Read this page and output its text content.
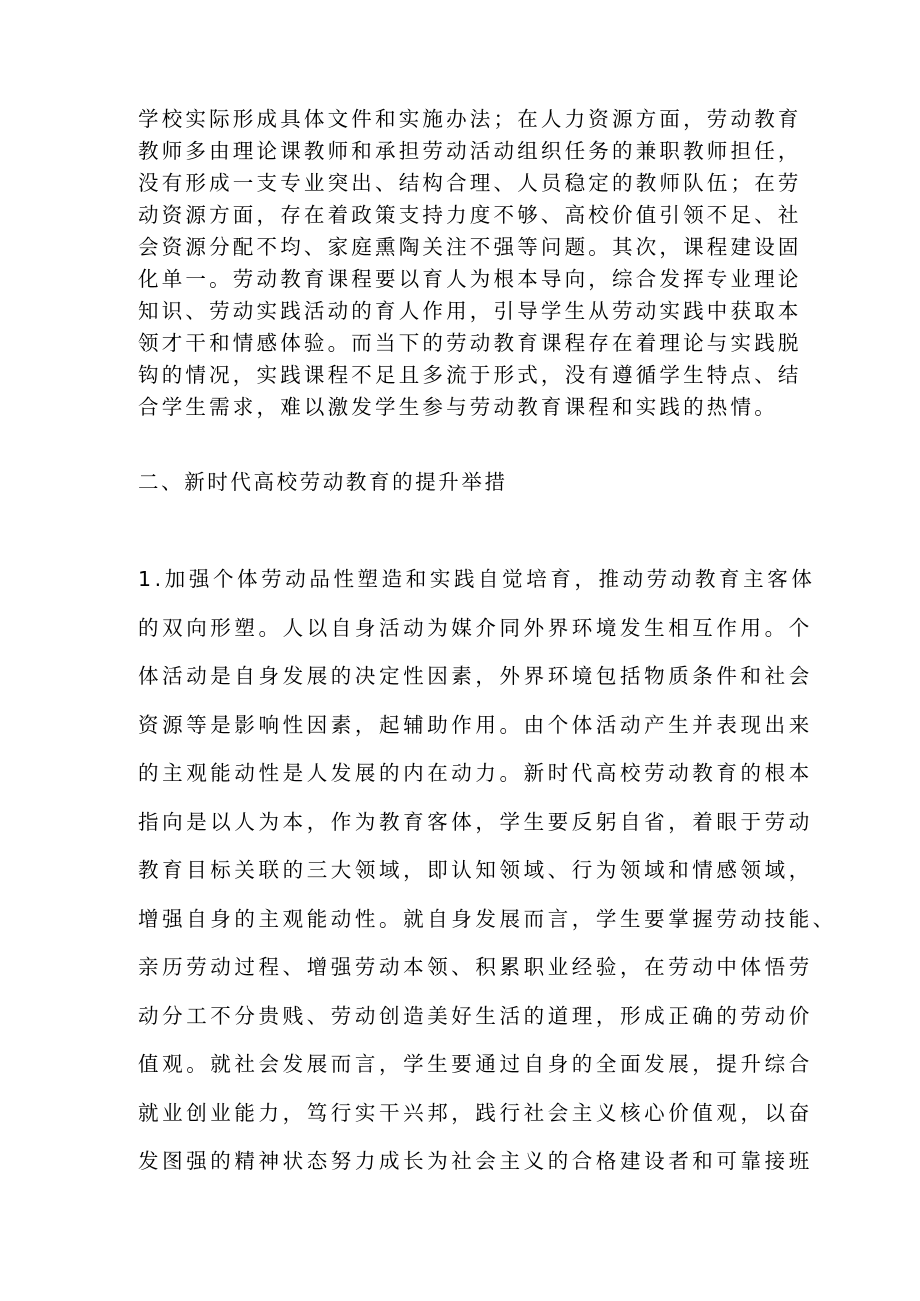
学校实际形成具体文件和实施办法；在人力资源方面，劳动教育
教师多由理论课教师和承担劳动活动组织任务的兼职教师担任，
没有形成一支专业突出、结构合理、人员稳定的教师队伍；在劳
动资源方面，存在着政策支持力度不够、高校价值引领不足、社
会资源分配不均、家庭熏陶关注不强等问题。其次，课程建设固
化单一。劳动教育课程要以育人为根本导向，综合发挥专业理论
知识、劳动实践活动的育人作用，引导学生从劳动实践中获取本
领才干和情感体验。而当下的劳动教育课程存在着理论与实践脱
钩的情况，实践课程不足且多流于形式，没有遵循学生特点、结
合学生需求，难以激发学生参与劳动教育课程和实践的热情。
二、新时代高校劳动教育的提升举措
1.加强个体劳动品性塑造和实践自觉培育，推动劳动教育主客体
的双向形塑。人以自身活动为媒介同外界环境发生相互作用。个
体活动是自身发展的决定性因素，外界环境包括物质条件和社会
资源等是影响性因素，起辅助作用。由个体活动产生并表现出来
的主观能动性是人发展的内在动力。新时代高校劳动教育的根本
指向是以人为本，作为教育客体，学生要反躬自省，着眼于劳动
教育目标关联的三大领域，即认知领域、行为领域和情感领域，
增强自身的主观能动性。就自身发展而言，学生要掌握劳动技能、
亲历劳动过程、增强劳动本领、积累职业经验，在劳动中体悟劳
动分工不分贵贱、劳动创造美好生活的道理，形成正确的劳动价
值观。就社会发展而言，学生要通过自身的全面发展，提升综合
就业创业能力，笃行实干兴邦，践行社会主义核心价值观，以奋
发图强的精神状态努力成长为社会主义的合格建设者和可靠接班
